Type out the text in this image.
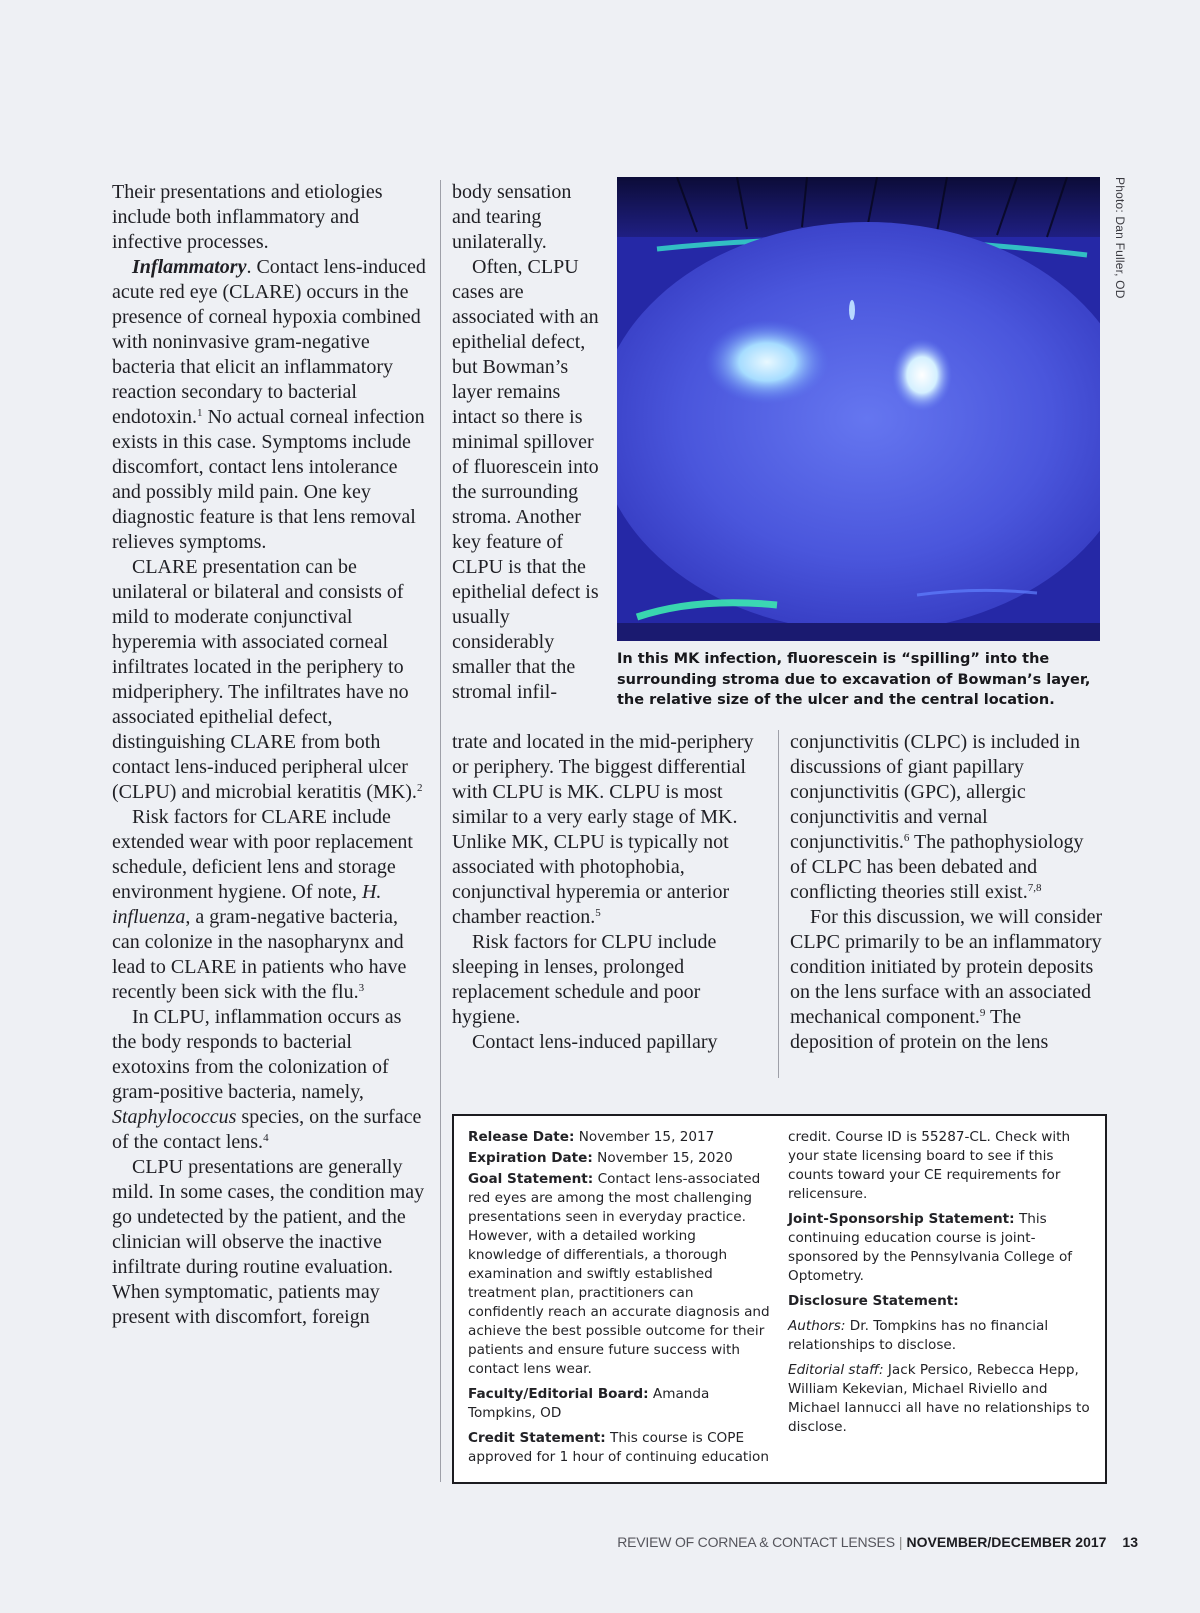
Their presentations and etiologies include both inflammatory and infective processes.

Inflammatory. Contact lens-induced acute red eye (CLARE) occurs in the presence of corneal hypoxia combined with noninvasive gram-negative bacteria that elicit an inflammatory reaction secondary to bacterial endotoxin.$^1$ No actual corneal infection exists in this case. Symptoms include discomfort, contact lens intolerance and possibly mild pain. One key diagnostic feature is that lens removal relieves symptoms.

CLARE presentation can be unilateral or bilateral and consists of mild to moderate conjunctival hyperemia with associated corneal infiltrates located in the periphery to midperiphery. The infiltrates have no associated epithelial defect, distinguishing CLARE from both contact lens-induced peripheral ulcer (CLPU) and microbial keratitis (MK).$^2$

Risk factors for CLARE include extended wear with poor replacement schedule, deficient lens and storage environment hygiene. Of note, H. influenza, a gram-negative bacteria, can colonize in the nasopharynx and lead to CLARE in patients who have recently been sick with the flu.$^3$

In CLPU, inflammation occurs as the body responds to bacterial exotoxins from the colonization of gram-positive bacteria, namely, Staphylococcus species, on the surface of the contact lens.$^4$

CLPU presentations are generally mild. In some cases, the condition may go undetected by the patient, and the clinician will observe the inactive infiltrate during routine evaluation. When symptomatic, patients may present with discomfort, foreign

body sensation and tearing unilaterally.

Often, CLPU cases are associated with an epithelial defect, but Bowman’s layer remains intact so there is minimal spillover of fluorescein into the surrounding stroma. Another key feature of CLPU is that the epithelial defect is usually considerably smaller that the stromal infil-

Photo: Dan Fuller, OD
In this MK infection, fluorescein is “spilling” into the surrounding stroma due to excavation of Bowman’s layer, the relative size of the ulcer and the central location.

trate and located in the mid-periphery or periphery. The biggest differential with CLPU is MK. CLPU is most similar to a very early stage of MK. Unlike MK, CLPU is typically not associated with photophobia, conjunctival hyperemia or anterior chamber reaction.$^5$

Risk factors for CLPU include sleeping in lenses, prolonged replacement schedule and poor hygiene.

Contact lens-induced papillary

conjunctivitis (CLPC) is included in discussions of giant papillary conjunctivitis (GPC), allergic conjunctivitis and vernal conjunctivitis.$^6$ The pathophysiology of CLPC has been debated and conflicting theories still exist.$^{7,8}$

For this discussion, we will consider CLPC primarily to be an inflammatory condition initiated by protein deposits on the lens surface with an associated mechanical component.$^9$ The deposition of protein on the lens

Release Date: November 15, 2017

Expiration Date: November 15, 2020

Goal Statement: Contact lens-associated red eyes are among the most challenging presentations seen in everyday practice. However, with a detailed working knowledge of differentials, a thorough examination and swiftly established treatment plan, practitioners can confidently reach an accurate diagnosis and achieve the best possible outcome for their patients and ensure future success with contact lens wear.

Faculty/Editorial Board: Amanda Tompkins, OD

Credit Statement: This course is COPE approved for 1 hour of continuing education

credit. Course ID is 55287-CL. Check with your state licensing board to see if this counts toward your CE requirements for relicensure.

Joint-Sponsorship Statement: This continuing education course is joint-sponsored by the Pennsylvania College of Optometry.

Disclosure Statement:

Authors: Dr. Tompkins has no financial relationships to disclose.

Editorial staff: Jack Persico, Rebecca Hepp, William Kekevian, Michael Riviello and Michael Iannucci all have no relationships to disclose.

REVIEW OF CORNEA & CONTACT LENSES | NOVEMBER/DECEMBER 2017 13
